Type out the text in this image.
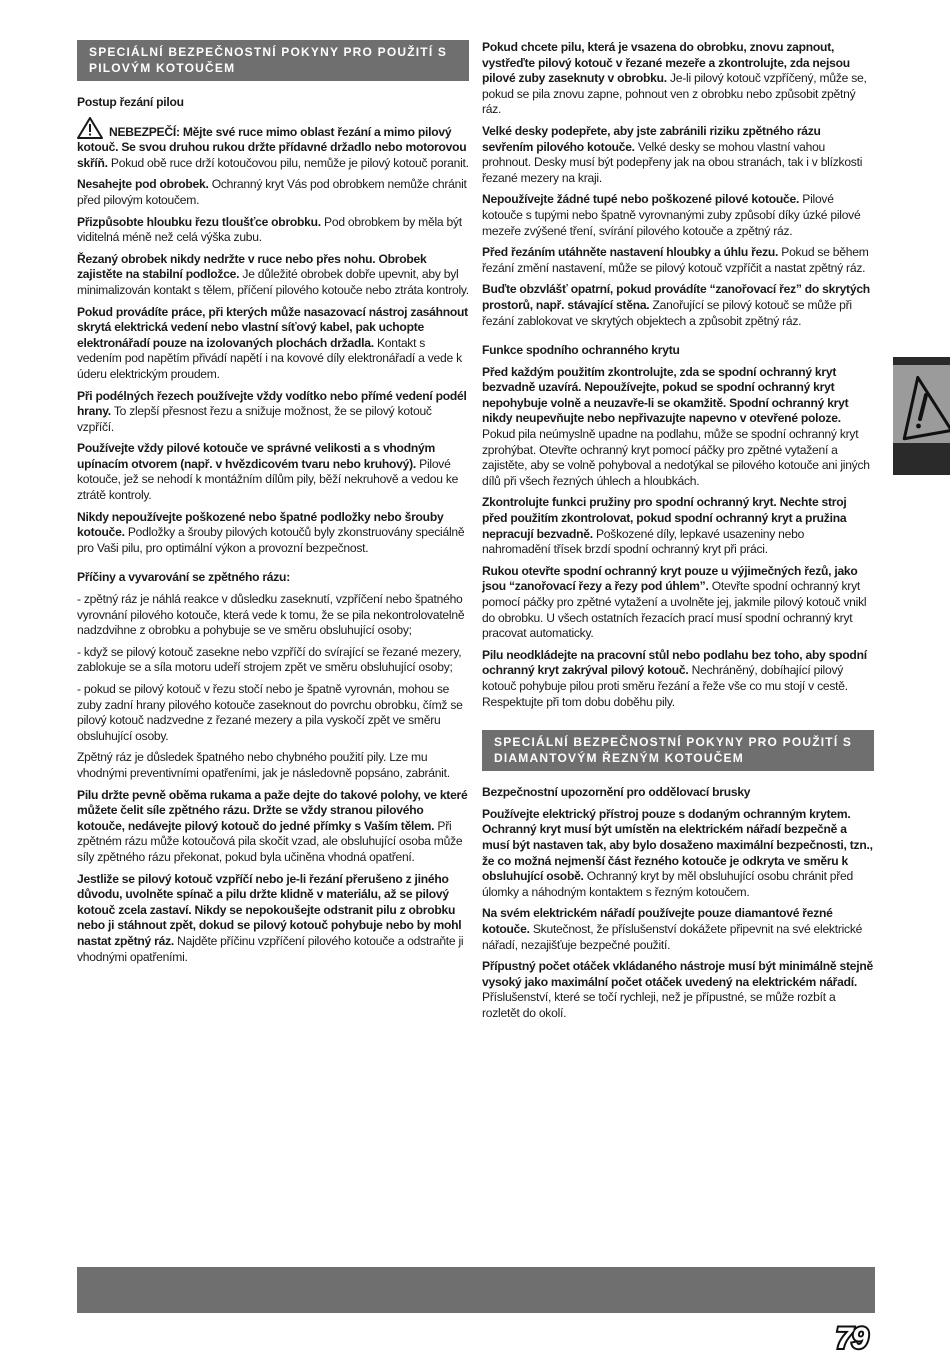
SPECIÁLNÍ BEZPEČNOSTNÍ POKYNY PRO POUŽITÍ S PILOVÝM KOTOUČEM

Postup řezání pilou

NEBEZPEČÍ: Mějte své ruce mimo oblast řezání a mimo pilový kotouč. Se svou druhou rukou držte přídavné držadlo nebo motorovou skříň. Pokud obě ruce drží kotoučovou pilu, nemůže je pilový kotouč poranit.

Nesahejte pod obrobek. Ochranný kryt Vás pod obrobkem nemůže chránit před pilovým kotoučem.

Přizpůsobte hloubku řezu tloušťce obrobku. Pod obrobkem by měla být viditelná méně než celá výška zubu.

Řezaný obrobek nikdy nedržte v ruce nebo přes nohu. Obrobek zajistěte na stabilní podložce. Je důležité obrobek dobře upevnit, aby byl minimalizován kontakt s tělem, příčení pilového kotouče nebo ztráta kontroly.

Pokud provádíte práce, při kterých může nasazovací nástroj zasáhnout skrytá elektrická vedení nebo vlastní síťový kabel, pak uchopte elektronářadí pouze na izolovaných plochách držadla. Kontakt s vedením pod napětím přivádí napětí i na kovové díly elektronářadí a vede k úderu elektrickým proudem.

Při podélných řezech používejte vždy vodítko nebo přímé vedení podél hrany. To zlepší přesnost řezu a snižuje možnost, že se pilový kotouč vzpříčí.

Používejte vždy pilové kotouče ve správné velikosti a s vhodným upínacím otvorem (např. v hvězdicovém tvaru nebo kruhový). Pilové kotouče, jež se nehodí k montážním dílům pily, běží nekruhově a vedou ke ztrátě kontroly.

Nikdy nepoužívejte poškozené nebo špatné podložky nebo šrouby kotouče. Podložky a šrouby pilových kotoučů byly zkonstruovány speciálně pro Vaši pilu, pro optimální výkon a provozní bezpečnost.

Příčiny a vyvarování se zpětného rázu:

- zpětný ráz je náhlá reakce v důsledku zaseknutí, vzpříčení nebo špatného vyrovnání pilového kotouče, která vede k tomu, že se pila nekontrolovatelně nadzdvihne z obrobku a pohybuje se ve směru obsluhující osoby;

- když se pilový kotouč zasekne nebo vzpříčí do svírající se řezané mezery, zablokuje se a síla motoru udeří strojem zpět ve směru obsluhující osoby;

- pokud se pilový kotouč v řezu stočí nebo je špatně vyrovnán, mohou se zuby zadní hrany pilového kotouče zaseknout do povrchu obrobku, čímž se pilový kotouč nadzvedne z řezané mezery a pila vyskočí zpět ve směru obsluhující osoby.

Zpětný ráz je důsledek špatného nebo chybného použití pily. Lze mu vhodnými preventivními opatřeními, jak je následovně popsáno, zabránit.

Pilu držte pevně oběma rukama a paže dejte do takové polohy, ve které můžete čelit síle zpětného rázu. Držte se vždy stranou pilového kotouče, nedávejte pilový kotouč do jedné přímky s Vaším tělem. Při zpětném rázu může kotoučová pila skočit vzad, ale obsluhující osoba může síly zpětného rázu překonat, pokud byla učiněna vhodná opatření.

Jestliže se pilový kotouč vzpříčí nebo je-li řezání přerušeno z jiného důvodu, uvolněte spínač a pilu držte klidně v materiálu, až se pilový kotouč zcela zastaví. Nikdy se nepokoušejte odstranit pilu z obrobku nebo ji stáhnout zpět, dokud se pilový kotouč pohybuje nebo by mohl nastat zpětný ráz. Najděte příčinu vzpříčení pilového kotouče a odstraňte ji vhodnými opatřeními.

Pokud chcete pilu, která je vsazena do obrobku, znovu zapnout, vystřeďte pilový kotouč v řezané mezeře a zkontrolujte, zda nejsou pilové zuby zaseknuty v obrobku. Je-li pilový kotouč vzpříčený, může se, pokud se pila znovu zapne, pohnout ven z obrobku nebo způsobit zpětný ráz.

Velké desky podepřete, aby jste zabránili riziku zpětného rázu sevřením pilového kotouče. Velké desky se mohou vlastní vahou prohnout. Desky musí být podepřeny jak na obou stranách, tak i v blízkosti řezané mezery na kraji.

Nepoužívejte žádné tupé nebo poškozené pilové kotouče. Pilové kotouče s tupými nebo špatně vyrovnanými zuby způsobí díky úzké pilové mezeře zvýšené tření, svírání pilového kotouče a zpětný ráz.

Před řezáním utáhněte nastavení hloubky a úhlu řezu. Pokud se během řezání změní nastavení, může se pilový kotouč vzpříčit a nastat zpětný ráz.

Buďte obzvlášť opatrní, pokud provádíte “zanořovací řez” do skrytých prostorů, např. stávající stěna. Zanořující se pilový kotouč se může při řezání zablokovat ve skrytých objektech a způsobit zpětný ráz.

Funkce spodního ochranného krytu

Před každým použitím zkontrolujte, zda se spodní ochranný kryt bezvadně uzavírá. Nepoužívejte, pokud se spodní ochranný kryt nepohybuje volně a neuzavře-li se okamžitě. Spodní ochranný kryt nikdy neupevňujte nebo nepřivazujte napevno v otevřené poloze. Pokud pila neúmyslně upadne na podlahu, může se spodní ochranný kryt zprohýbat. Otevřte ochranný kryt pomocí páčky pro zpětné vytažení a zajistěte, aby se volně pohyboval a nedotýkal se pilového kotouče ani jiných dílů při všech řezných úhlech a hloubkách.

Zkontrolujte funkci pružiny pro spodní ochranný kryt. Nechte stroj před použitím zkontrolovat, pokud spodní ochranný kryt a pružina nepracují bezvadně. Poškozené díly, lepkavé usazeniny nebo nahromadění třísek brzdí spodní ochranný kryt při práci.

Rukou otevřte spodní ochranný kryt pouze u výjimečných řezů, jako jsou “zanořovací řezy a řezy pod úhlem”. Otevřte spodní ochranný kryt pomocí páčky pro zpětné vytažení a uvolněte jej, jakmile pilový kotouč vnikl do obrobku. U všech ostatních řezacích prací musí spodní ochranný kryt pracovat automaticky.

Pilu neodkládejte na pracovní stůl nebo podlahu bez toho, aby spodní ochranný kryt zakrýval pilový kotouč. Nechráněný, dobíhající pilový kotouč pohybuje pilou proti směru řezání a řeže vše co mu stojí v cestě. Respektujte při tom dobu doběhu pily.

SPECIÁLNÍ BEZPEČNOSTNÍ POKYNY PRO POUŽITÍ S DIAMANTOVÝM ŘEZNÝM KOTOUČEM

Bezpečnostní upozornění pro oddělovací brusky

Používejte elektrický přístroj pouze s dodaným ochranným krytem. Ochranný kryt musí být umístěn na elektrickém nářadí bezpečně a musí být nastaven tak, aby bylo dosaženo maximální bezpečnosti, tzn., že co možná nejmenší část řezného kotouče je odkryta ve směru k obsluhující osobě. Ochranný kryt by měl obsluhující osobu chránit před úlomky a náhodným kontaktem s řezným kotoučem.

Na svém elektrickém nářadí používejte pouze diamantové řezné kotouče. Skutečnost, že příslušenství dokážete připevnit na své elektrické nářadí, nezajišťuje bezpečné použití.

Přípustný počet otáček vkládaného nástroje musí být minimálně stejně vysoký jako maximální počet otáček uvedený na elektrickém nářadí. Příslušenství, které se točí rychleji, než je přípustné, se může rozbít a rozletět do okolí.

79
